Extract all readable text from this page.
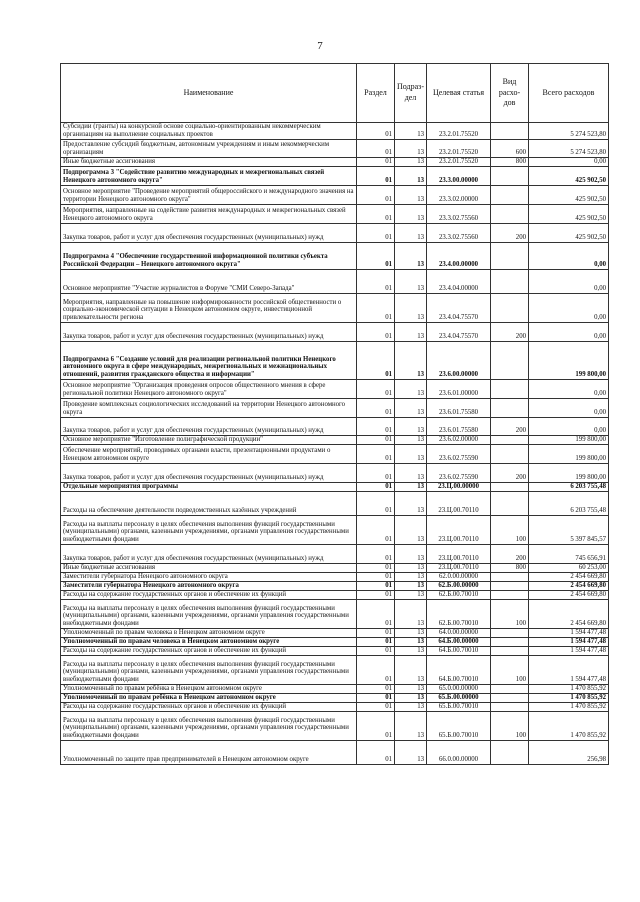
7
Наименование	Раздел	Подраз-дел	Целевая статья	Вид расхо-дов	Всего расходов
Субсидии (гранты) на конкурсной основе социально-ориентированным некоммерческим организациям на выполнение социальных проектов	01	13	23.2.01.75520		5 274 523,80
Предоставление субсидий бюджетным, автономным учреждениям и иным некоммерческим организациям	01	13	23.2.01.75520	600	5 274 523,80
Иные бюджетные ассигнования	01	13	23.2.01.75520	800	0,00
Подпрограмма 3 "Содействие развитию международных и межрегиональных связей Ненецкого автономного округа"	01	13	23.3.00.00000		425 902,50
Основное мероприятие "Проведение мероприятий общероссийского и международного значения на территории Ненецкого автономного округа"	01	13	23.3.02.00000		425 902,50
Мероприятия, направленные на содействие развития международных и межрегиональных связей Ненецкого автономного округа	01	13	23.3.02.75560		425 902,50
Закупка товаров, работ и услуг для обеспечения государственных (муниципальных) нужд	01	13	23.3.02.75560	200	425 902,50
Подпрограмма 4 "Обеспечение государственной информационной политики субъекта Российской Федерации – Ненецкого автономного округа"	01	13	23.4.00.00000		0,00
Основное мероприятие "Участие журналистов в Форуме "СМИ Северо-Запада"	01	13	23.4.04.00000		0,00
Мероприятия, направленные на повышение информированности российской общественности о социально-экономической ситуации в Ненецком автономном округе, инвестиционной привлекательности региона	01	13	23.4.04.75570		0,00
Закупка товаров, работ и услуг для обеспечения государственных (муниципальных) нужд	01	13	23.4.04.75570	200	0,00
Подпрограмма 6 "Создание условий для реализации региональной политики Ненецкого автономного округа в сфере международных, межрегиональных и межнациональных отношений, развития гражданского общества и информации"	01	13	23.6.00.00000		199 800,00
Основное мероприятие "Организация проведения опросов общественного мнения в сфере региональной политики Ненецкого автономного округа"	01	13	23.6.01.00000		0,00
Проведение комплексных социологических исследований на территории Ненецкого автономного округа	01	13	23.6.01.75580		0,00
Закупка товаров, работ и услуг для обеспечения государственных (муниципальных) нужд	01	13	23.6.01.75580	200	0,00
Основное мероприятие "Изготовление полиграфической продукции"	01	13	23.6.02.00000		199 800,00
Обеспечение мероприятий, проводимых органами власти, презентационными продуктами о Ненецком автономном округе	01	13	23.6.02.75590		199 800,00
Закупка товаров, работ и услуг для обеспечения государственных (муниципальных) нужд	01	13	23.6.02.75590	200	199 800,00
Отдельные мероприятия программы	01	13	23.Ц.00.00000		6 203 755,48
Расходы на обеспечение деятельности подведомственных казённых учреждений	01	13	23.Ц.00.70110		6 203 755,48
Расходы на выплаты персоналу в целях обеспечения выполнения функций государственными (муниципальными) органами, казенными учреждениями, органами управления государственными внебюджетными фондами	01	13	23.Ц.00.70110	100	5 397 845,57
Закупка товаров, работ и услуг для обеспечения государственных (муниципальных) нужд	01	13	23.Ц.00.70110	200	745 656,91
Иные бюджетные ассигнования	01	13	23.Ц.00.70110	800	60 253,00
Заместители губернатора Ненецкого автономного округа	01	13	62.0.00.00000		2 454 669,80
Заместители губернатора Ненецкого автономного округа	01	13	62.Б.00.00000		2 454 669,80
Расходы на содержание государственных органов и обеспечение их функций	01	13	62.Б.00.70010		2 454 669,80
Расходы на выплаты персоналу в целях обеспечения выполнения функций государственными (муниципальными) органами, казенными учреждениями, органами управления государственными внебюджетными фондами	01	13	62.Б.00.70010	100	2 454 669,80
Уполномоченный по правам человека в Ненецком автономном округе	01	13	64.0.00.00000		1 594 477,48
Уполномоченный по правам человека в Ненецком автономном округе	01	13	64.Б.00.00000		1 594 477,48
Расходы на содержание государственных органов и обеспечение их функций	01	13	64.Б.00.70010		1 594 477,48
Расходы на выплаты персоналу в целях обеспечения выполнения функций государственными (муниципальными) органами, казенными учреждениями, органами управления государственными внебюджетными фондами	01	13	64.Б.00.70010	100	1 594 477,48
Уполномоченный по правам ребёнка в Ненецком автономном округе	01	13	65.0.00.00000		1 470 855,92
Уполномоченный по правам ребёнка в Ненецком автономном округе	01	13	65.Б.00.00000		1 470 855,92
Расходы на содержание государственных органов и обеспечение их функций	01	13	65.Б.00.70010		1 470 855,92
Расходы на выплаты персоналу в целях обеспечения выполнения функций государственными (муниципальными) органами, казенными учреждениями, органами управления государственными внебюджетными фондами	01	13	65.Б.00.70010	100	1 470 855,92
Уполномоченный по защите прав предпринимателей в Ненецком автономном округе	01	13	66.0.00.00000		256,98
